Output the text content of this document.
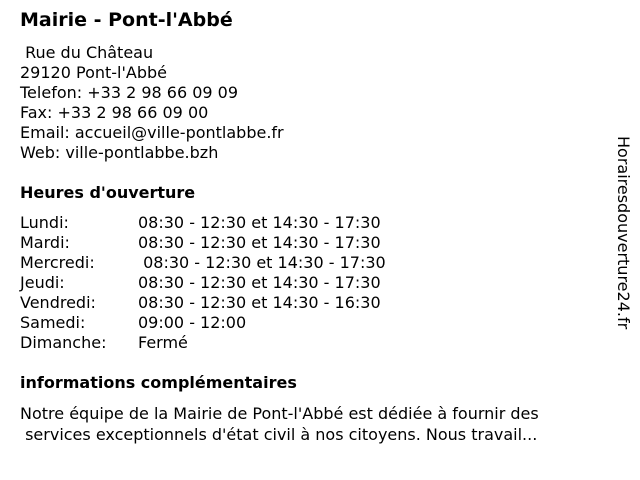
Mairie - Pont-l'Abbé
Rue du Château
29120 Pont-l'Abbé
Telefon: +33 2 98 66 09 09
Fax: +33 2 98 66 09 00
Email: accueil@ville-pontlabbe.fr
Web: ville-pontlabbe.bzh
Heures d'ouverture
Lundi:	08:30 - 12:30 et 14:30 - 17:30
Mardi:	08:30 - 12:30 et 14:30 - 17:30
Mercredi:	08:30 - 12:30 et 14:30 - 17:30
Jeudi:	08:30 - 12:30 et 14:30 - 17:30
Vendredi:	08:30 - 12:30 et 14:30 - 16:30
Samedi:	09:00 - 12:00
Dimanche:	Fermé
informations complémentaires
Notre équipe de la Mairie de Pont-l'Abbé est dédiée à fournir des
services exceptionnels d'état civil à nos citoyens. Nous travail...
Horairesdouverture24.fr
